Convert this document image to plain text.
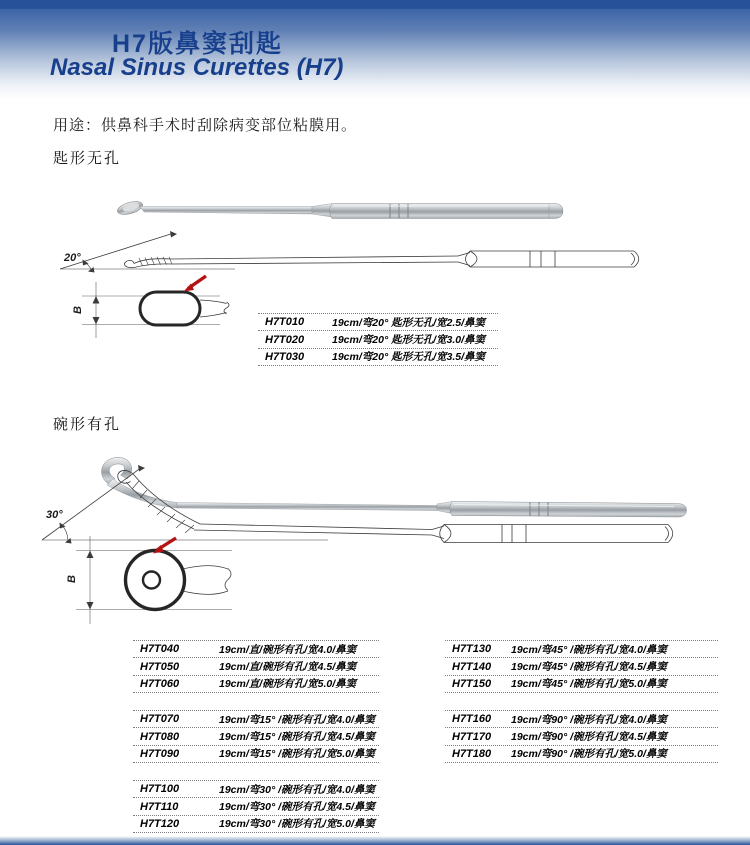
H7版鼻窦刮匙
Nasal Sinus Curettes (H7)

用途：供鼻科手术时刮除病变部位粘膜用。

匙形无孔
20°
B
H7T010	19cm/弯20° 匙形无孔/宽2.5/鼻窦
H7T020	19cm/弯20° 匙形无孔/宽3.0/鼻窦
H7T030	19cm/弯20° 匙形无孔/宽3.5/鼻窦
碗形有孔
30°
B
H7T040	19cm/直/碗形有孔/宽4.0/鼻窦
H7T050	19cm/直/碗形有孔/宽4.5/鼻窦
H7T060	19cm/直/碗形有孔/宽5.0/鼻窦
H7T070	19cm/弯15° /碗形有孔/宽4.0/鼻窦
H7T080	19cm/弯15° /碗形有孔/宽4.5/鼻窦
H7T090	19cm/弯15° /碗形有孔/宽5.0/鼻窦
H7T100	19cm/弯30° /碗形有孔/宽4.0/鼻窦
H7T110	19cm/弯30° /碗形有孔/宽4.5/鼻窦
H7T120	19cm/弯30° /碗形有孔/宽5.0/鼻窦
H7T130	19cm/弯45° /碗形有孔/宽4.0/鼻窦
H7T140	19cm/弯45° /碗形有孔/宽4.5/鼻窦
H7T150	19cm/弯45° /碗形有孔/宽5.0/鼻窦
H7T160	19cm/弯90° /碗形有孔/宽4.0/鼻窦
H7T170	19cm/弯90° /碗形有孔/宽4.5/鼻窦
H7T180	19cm/弯90° /碗形有孔/宽5.0/鼻窦
